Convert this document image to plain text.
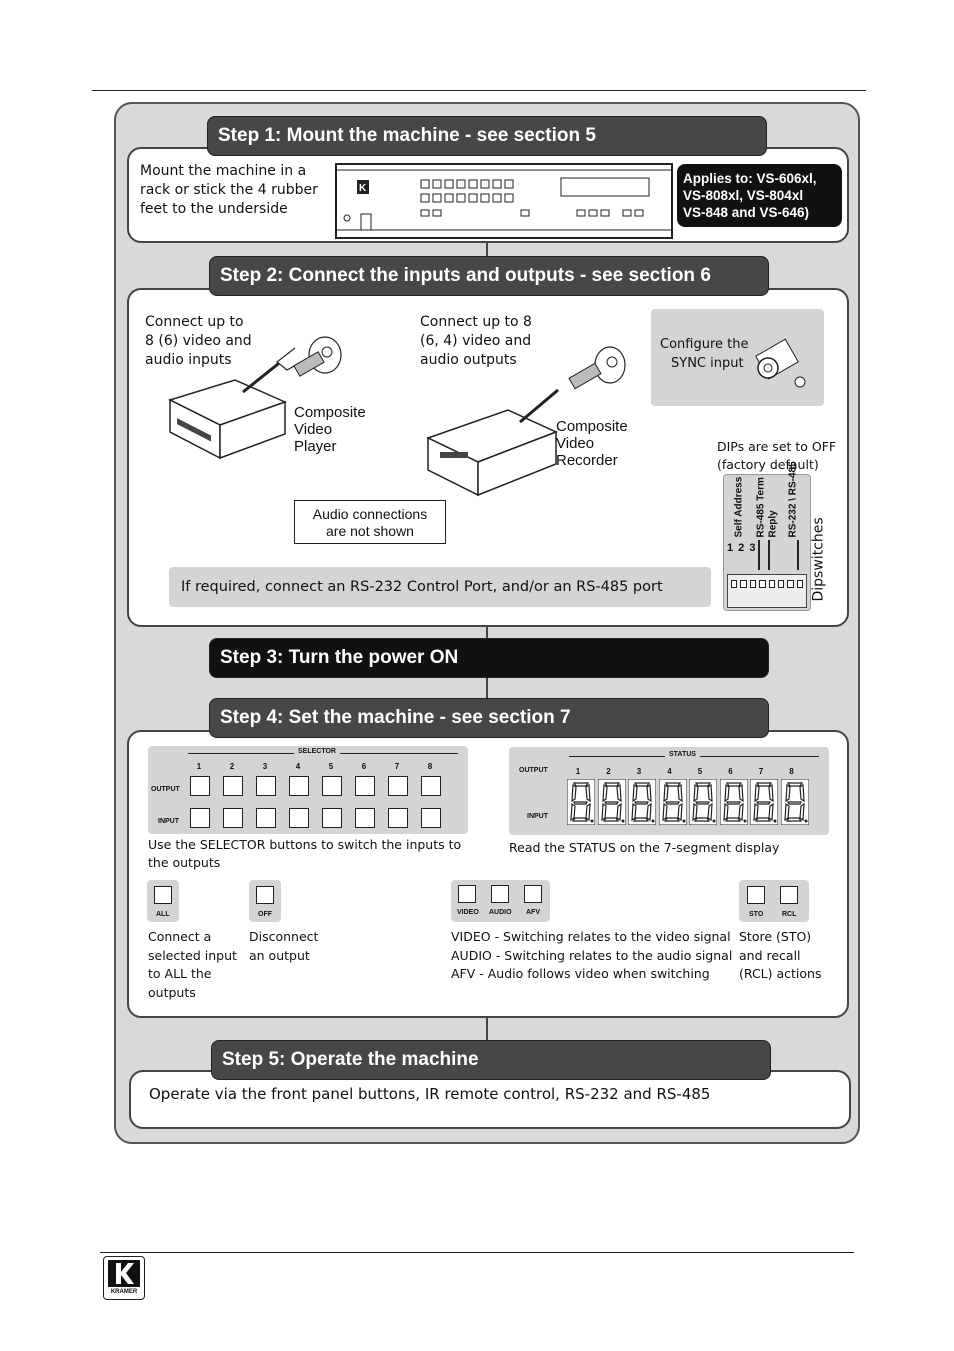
Step 1: Mount the machine - see section 5
Mount the machine in a
rack or stick the 4 rubber
feet to the underside
K
Applies to: VS-606xl,
VS-808xl, VS-804xl
VS-848 and VS-646)
Step 2: Connect the inputs and outputs - see section 6
Connect up to
8 (6) video and
audio inputs
Connect up to 8
(6, 4) video and
audio outputs
Composite
Video
Player
Composite
Video
Recorder
Configure the
SYNC input
DIPs are set to OFF
(factory default)
Self Address RS-485 Term Reply RS-232 \ RS-485
1 2 3	Dipswitches
Audio connections
are not shown
If required, connect an RS-232 Control Port, and/or an RS-485 port
Step 3: Turn the power ON
Step 4: Set the machine - see section 7
SELECTOR
OUTPUT
INPUT
1	2	3	4	5	6	7	8
Use the SELECTOR buttons to switch the inputs to
the outputs
STATUS
OUTPUT
INPUT
1	2	3	4	5	6	7	8
Read the STATUS on the 7-segment display
ALL
Connect a
selected input
to ALL the
outputs
OFF
Disconnect
an output
VIDEO AUDIO AFV
VIDEO - Switching relates to the video signal
AUDIO - Switching relates to the audio signal
AFV - Audio follows video when switching
STO	RCL
Store (STO)
and recall
(RCL) actions
Step 5: Operate the machine
Operate via the front panel buttons, IR remote control, RS-232 and RS-485
KRAMER
